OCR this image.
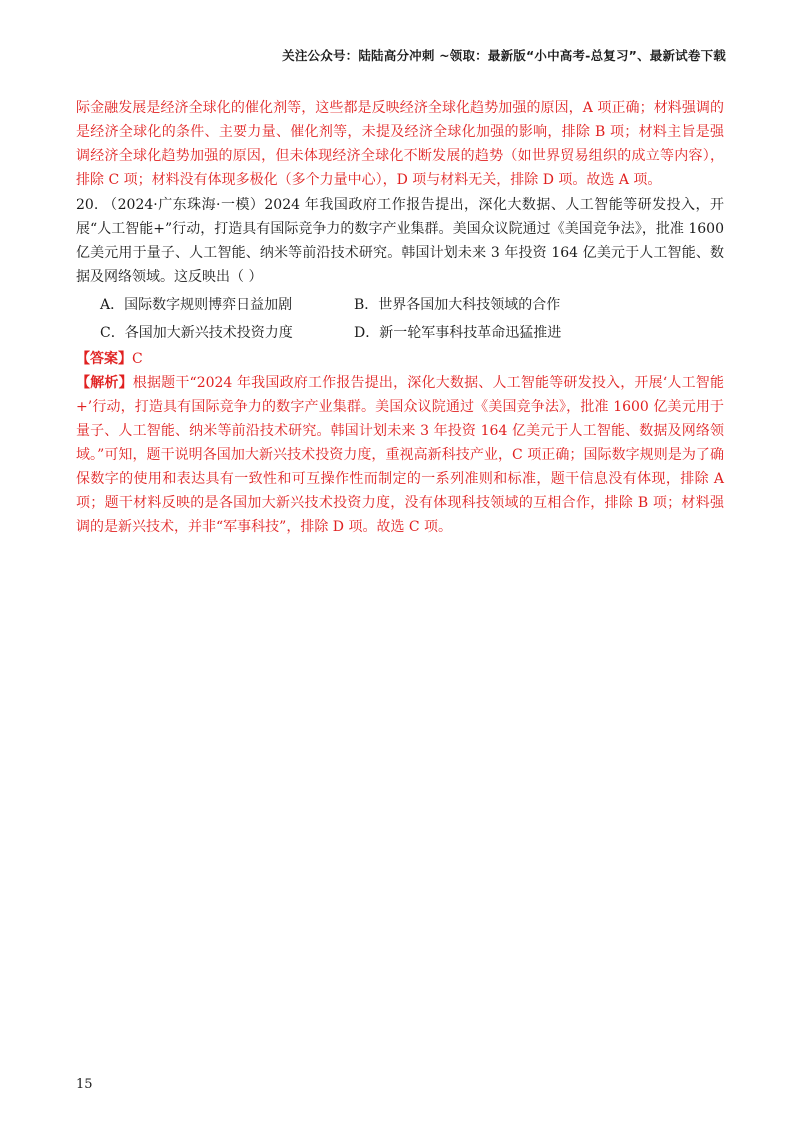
关注公众号：陆陆高分冲刺 ~领取：最新版“小中高考-总复习”、最新试卷下载

际金融发展是经济全球化的催化剂等，这些都是反映经济全球化趋势加强的原因，A 项正确；材料强调的是经济全球化的条件、主要力量、催化剂等，未提及经济全球化加强的影响，排除 B 项；材料主旨是强调经济全球化趋势加强的原因，但未体现经济全球化不断发展的趋势（如世界贸易组织的成立等内容），排除 C 项；材料没有体现多极化（多个力量中心），D 项与材料无关，排除 D 项。故选 A 项。

20. （2024·广东珠海·一模）2024 年我国政府工作报告提出，深化大数据、人工智能等研发投入，开展“人工智能+”行动，打造具有国际竞争力的数字产业集群。美国众议院通过《美国竞争法》，批准 1600 亿美元用于量子、人工智能、纳米等前沿技术研究。韩国计划未来 3 年投资 164 亿美元于人工智能、数据及网络领域。这反映出（ ）

A．国际数字规则博弈日益加剧	B．世界各国加大科技领域的合作
C．各国加大新兴技术投资力度	D．新一轮军事科技革命迅猛推进

【答案】C

【解析】根据题干“2024 年我国政府工作报告提出，深化大数据、人工智能等研发投入，开展‘人工智能+’行动，打造具有国际竞争力的数字产业集群。美国众议院通过《美国竞争法》，批准 1600 亿美元用于量子、人工智能、纳米等前沿技术研究。韩国计划未来 3 年投资 164 亿美元于人工智能、数据及网络领域。”可知，题干说明各国加大新兴技术投资力度，重视高新科技产业，C 项正确；国际数字规则是为了确保数字的使用和表达具有一致性和可互操作性而制定的一系列准则和标准，题干信息没有体现，排除 A 项；题干材料反映的是各国加大新兴技术投资力度，没有体现科技领域的互相合作，排除 B 项；材料强调的是新兴技术，并非“军事科技”，排除 D 项。故选 C 项。

15
